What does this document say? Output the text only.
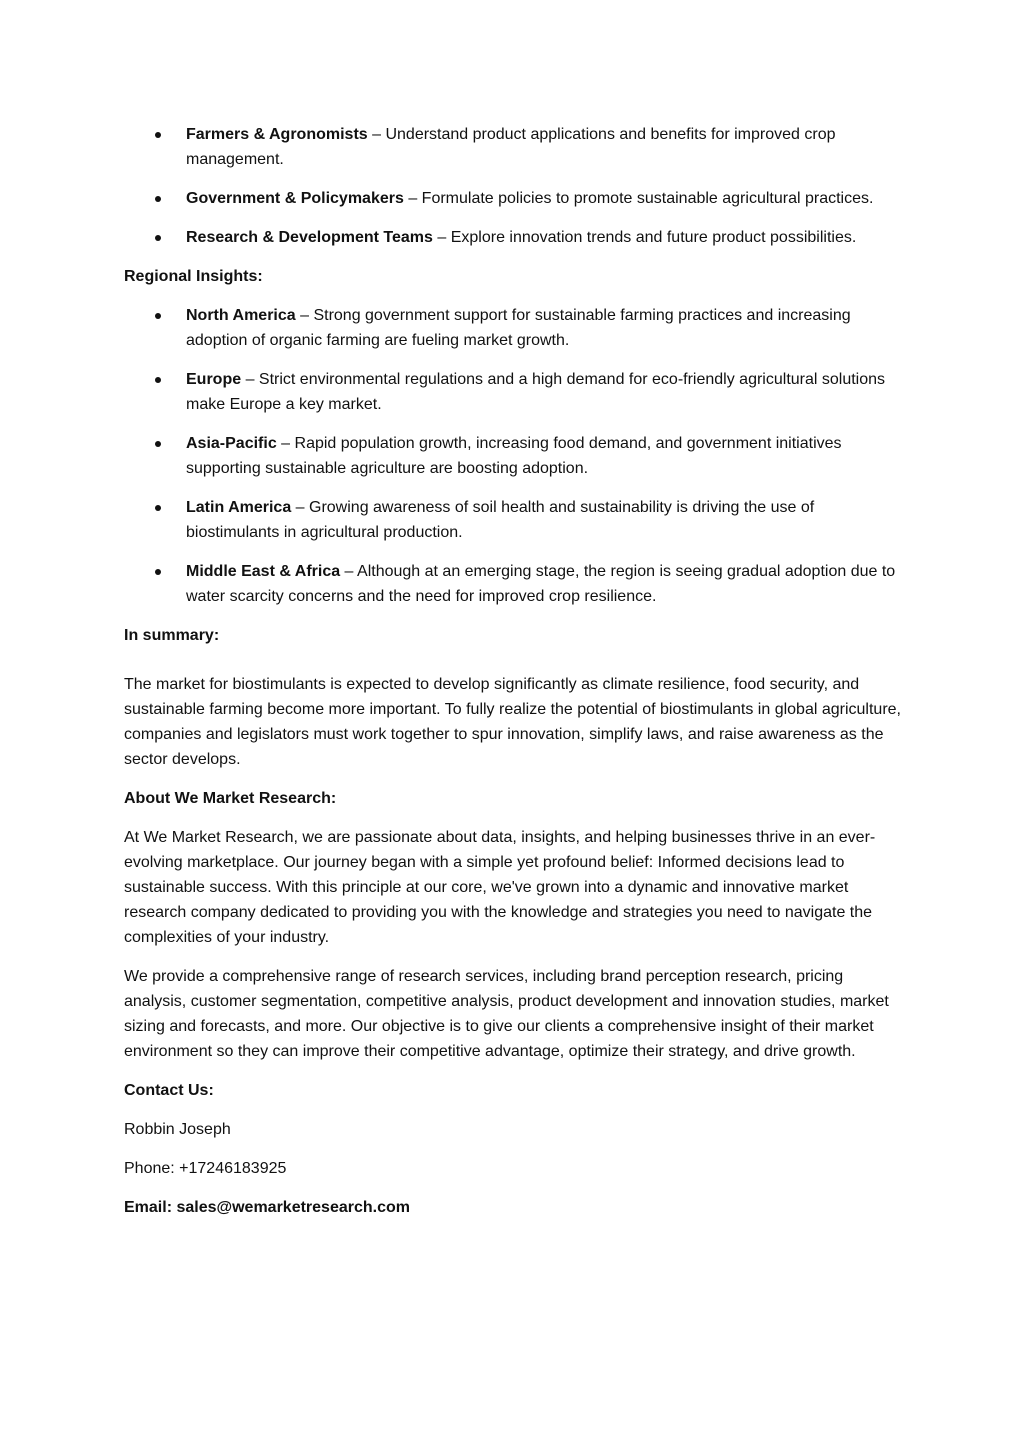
Farmers & Agronomists – Understand product applications and benefits for improved crop management.
Government & Policymakers – Formulate policies to promote sustainable agricultural practices.
Research & Development Teams – Explore innovation trends and future product possibilities.
Regional Insights:
North America – Strong government support for sustainable farming practices and increasing adoption of organic farming are fueling market growth.
Europe – Strict environmental regulations and a high demand for eco-friendly agricultural solutions make Europe a key market.
Asia-Pacific – Rapid population growth, increasing food demand, and government initiatives supporting sustainable agriculture are boosting adoption.
Latin America – Growing awareness of soil health and sustainability is driving the use of biostimulants in agricultural production.
Middle East & Africa – Although at an emerging stage, the region is seeing gradual adoption due to water scarcity concerns and the need for improved crop resilience.
In summary:

The market for biostimulants is expected to develop significantly as climate resilience, food security, and sustainable farming become more important. To fully realize the potential of biostimulants in global agriculture, companies and legislators must work together to spur innovation, simplify laws, and raise awareness as the sector develops.

About We Market Research:

At We Market Research, we are passionate about data, insights, and helping businesses thrive in an ever-evolving marketplace. Our journey began with a simple yet profound belief: Informed decisions lead to sustainable success. With this principle at our core, we've grown into a dynamic and innovative market research company dedicated to providing you with the knowledge and strategies you need to navigate the complexities of your industry.

We provide a comprehensive range of research services, including brand perception research, pricing analysis, customer segmentation, competitive analysis, product development and innovation studies, market sizing and forecasts, and more. Our objective is to give our clients a comprehensive insight of their market environment so they can improve their competitive advantage, optimize their strategy, and drive growth.

Contact Us:

Robbin Joseph

Phone: +17246183925

Email: sales@wemarketresearch.com
